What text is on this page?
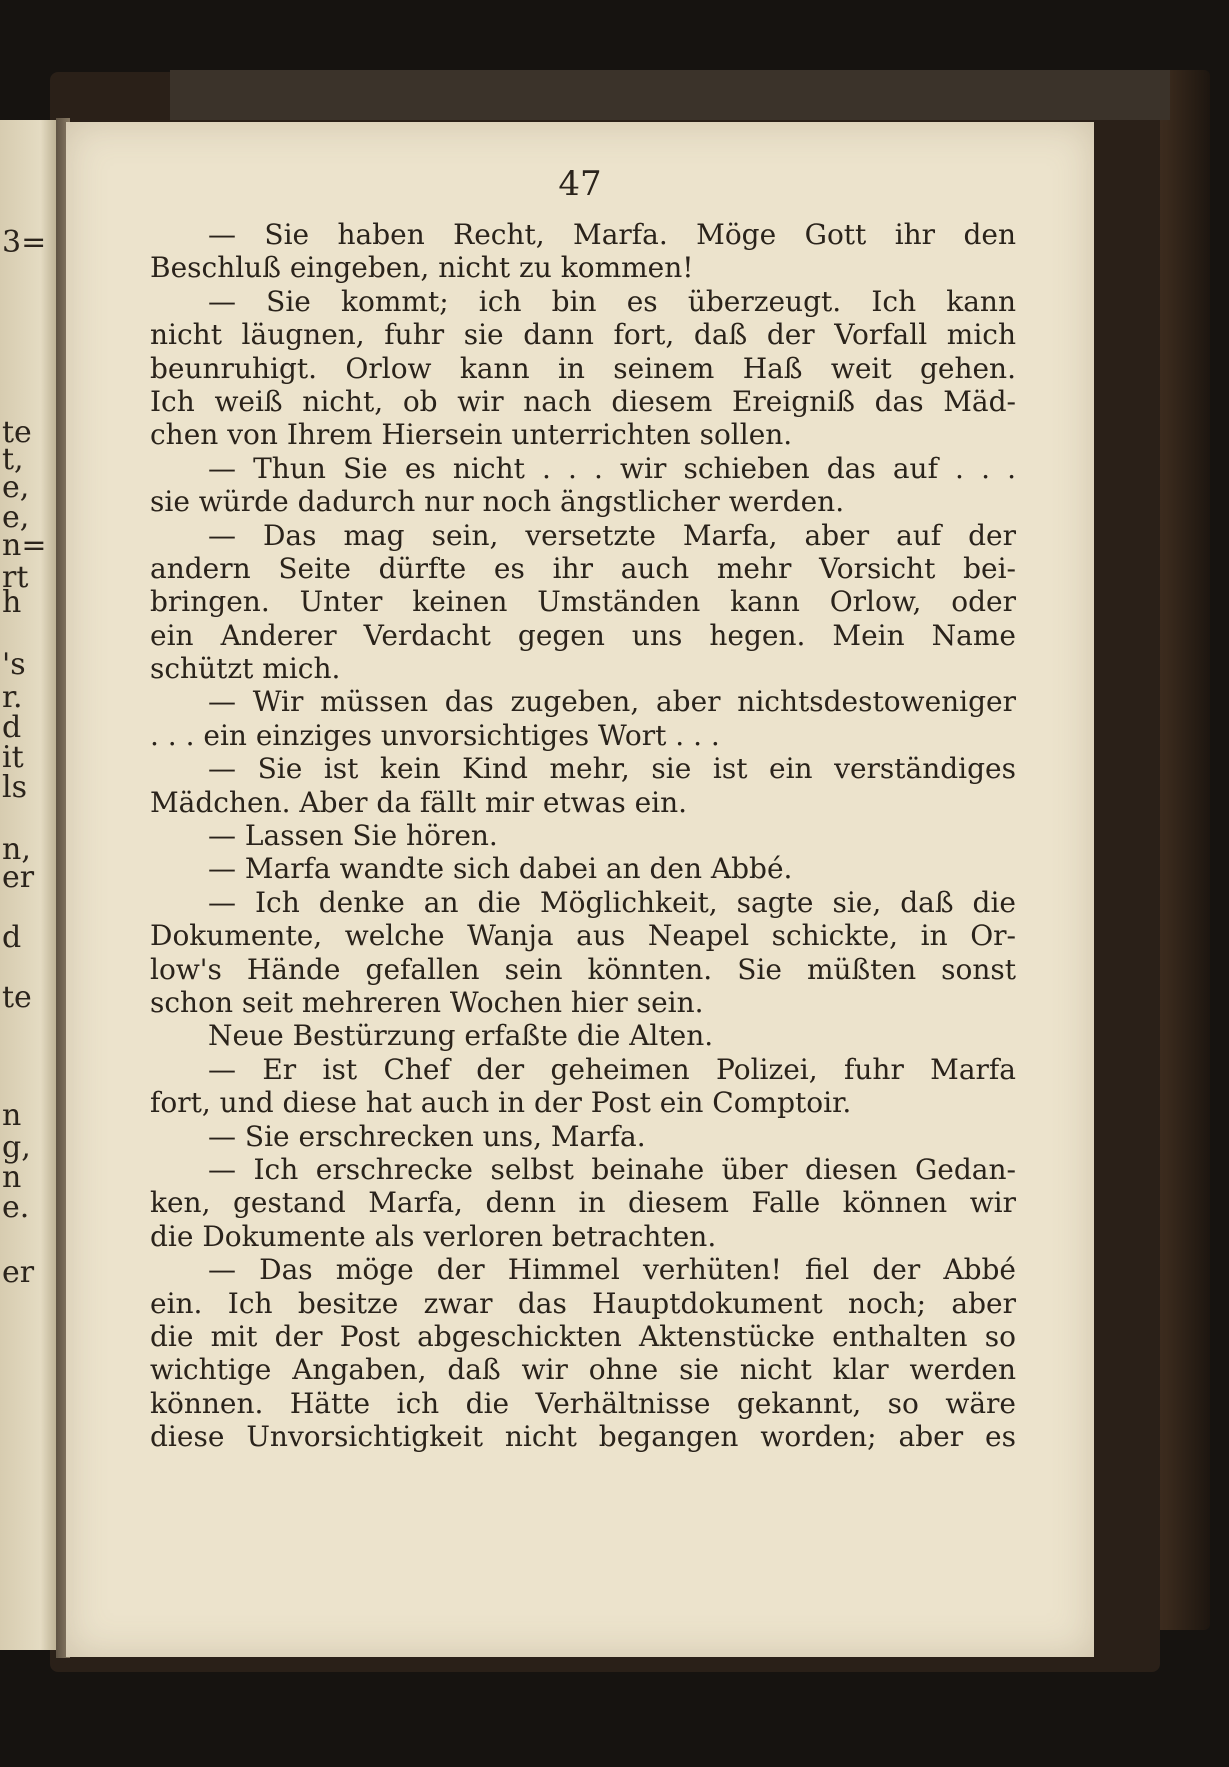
3=
te
t,
e,
e,
n=
rt
h
's
r.
d
it
ls
n,
er
d
te
n
g,
n
e.
er
47
— Sie haben Recht, Marfa. Möge Gott ihr den
Beschluß eingeben, nicht zu kommen!
— Sie kommt; ich bin es überzeugt. Ich kann
nicht läugnen, fuhr sie dann fort, daß der Vorfall mich
beunruhigt. Orlow kann in seinem Haß weit gehen.
Ich weiß nicht, ob wir nach diesem Ereigniß das Mäd-
chen von Ihrem Hiersein unterrichten sollen.
— Thun Sie es nicht . . . wir schieben das auf . . .
sie würde dadurch nur noch ängstlicher werden.
— Das mag sein, versetzte Marfa, aber auf der
andern Seite dürfte es ihr auch mehr Vorsicht bei-
bringen. Unter keinen Umständen kann Orlow, oder
ein Anderer Verdacht gegen uns hegen. Mein Name
schützt mich.
— Wir müssen das zugeben, aber nichtsdestoweniger
. . . ein einziges unvorsichtiges Wort . . .
— Sie ist kein Kind mehr, sie ist ein verständiges
Mädchen. Aber da fällt mir etwas ein.
— Lassen Sie hören.
— Marfa wandte sich dabei an den Abbé.
— Ich denke an die Möglichkeit, sagte sie, daß die
Dokumente, welche Wanja aus Neapel schickte, in Or-
low's Hände gefallen sein könnten. Sie müßten sonst
schon seit mehreren Wochen hier sein.
Neue Bestürzung erfaßte die Alten.
— Er ist Chef der geheimen Polizei, fuhr Marfa
fort, und diese hat auch in der Post ein Comptoir.
— Sie erschrecken uns, Marfa.
— Ich erschrecke selbst beinahe über diesen Gedan-
ken, gestand Marfa, denn in diesem Falle können wir
die Dokumente als verloren betrachten.
— Das möge der Himmel verhüten! fiel der Abbé
ein. Ich besitze zwar das Hauptdokument noch; aber
die mit der Post abgeschickten Aktenstücke enthalten so
wichtige Angaben, daß wir ohne sie nicht klar werden
können. Hätte ich die Verhältnisse gekannt, so wäre
diese Unvorsichtigkeit nicht begangen worden; aber es
